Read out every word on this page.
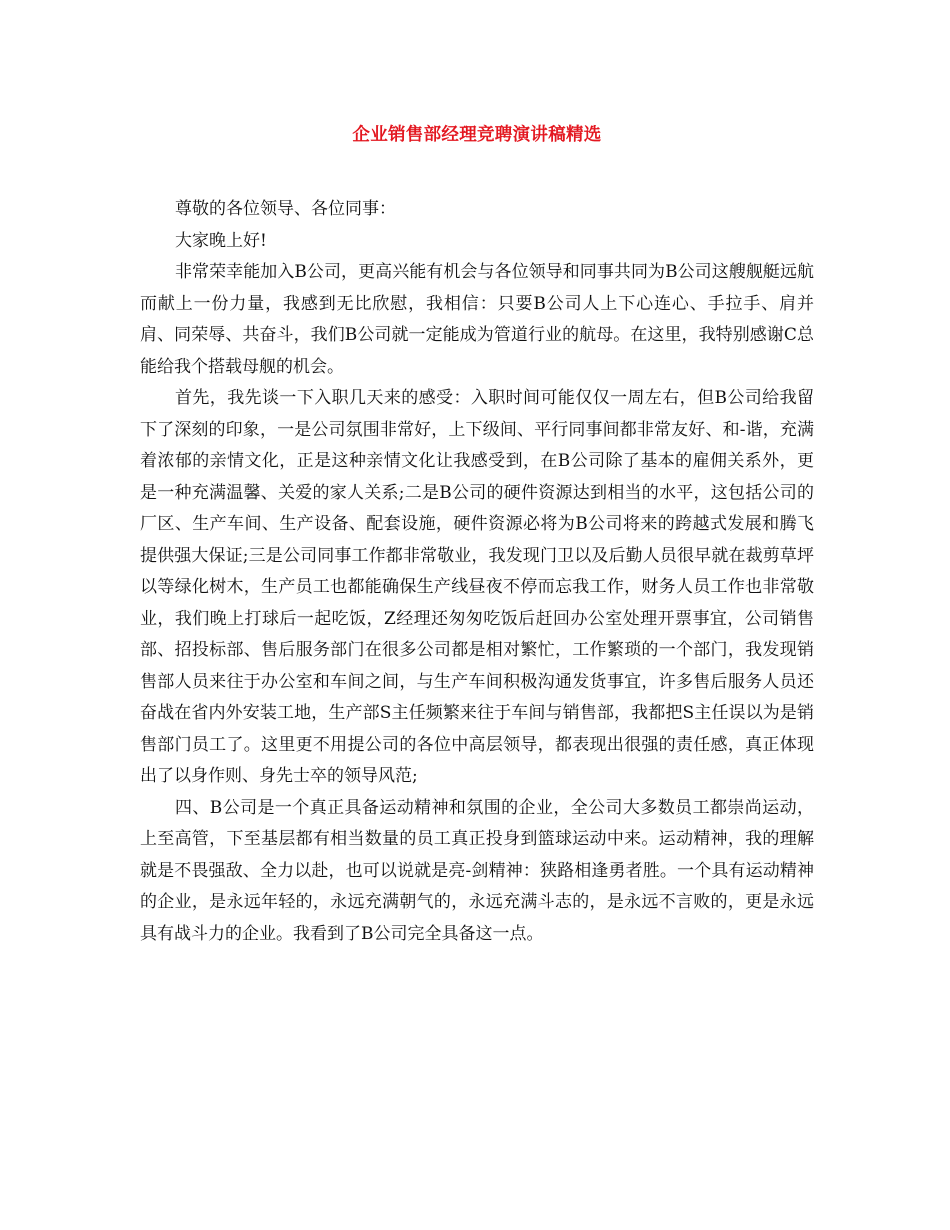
企业销售部经理竞聘演讲稿精选

尊敬的各位领导、各位同事：

大家晚上好!

非常荣幸能加入B公司，更高兴能有机会与各位领导和同事共同为B公司这艘舰艇远航而献上一份力量，我感到无比欣慰，我相信：只要B公司人上下心连心、手拉手、肩并肩、同荣辱、共奋斗，我们B公司就一定能成为管道行业的航母。在这里，我特别感谢C总能给我个搭载母舰的机会。

首先，我先谈一下入职几天来的感受：入职时间可能仅仅一周左右，但B公司给我留下了深刻的印象，一是公司氛围非常好，上下级间、平行同事间都非常友好、和-谐，充满着浓郁的亲情文化，正是这种亲情文化让我感受到，在B公司除了基本的雇佣关系外，更是一种充满温馨、关爱的家人关系;二是B公司的硬件资源达到相当的水平，这包括公司的厂区、生产车间、生产设备、配套设施，硬件资源必将为B公司将来的跨越式发展和腾飞提供强大保证;三是公司同事工作都非常敬业，我发现门卫以及后勤人员很早就在裁剪草坪以等绿化树木，生产员工也都能确保生产线昼夜不停而忘我工作，财务人员工作也非常敬业，我们晚上打球后一起吃饭，Z经理还匆匆吃饭后赶回办公室处理开票事宜，公司销售部、招投标部、售后服务部门在很多公司都是相对繁忙，工作繁琐的一个部门，我发现销售部人员来往于办公室和车间之间，与生产车间积极沟通发货事宜，许多售后服务人员还奋战在省内外安装工地，生产部S主任频繁来往于车间与销售部，我都把S主任误以为是销售部门员工了。这里更不用提公司的各位中高层领导，都表现出很强的责任感，真正体现出了以身作则、身先士卒的领导风范;

四、B公司是一个真正具备运动精神和氛围的企业，全公司大多数员工都崇尚运动，上至高管，下至基层都有相当数量的员工真正投身到篮球运动中来。运动精神，我的理解就是不畏强敌、全力以赴，也可以说就是亮-剑精神：狭路相逢勇者胜。一个具有运动精神的企业，是永远年轻的，永远充满朝气的，永远充满斗志的，是永远不言败的，更是永远具有战斗力的企业。我看到了B公司完全具备这一点。
